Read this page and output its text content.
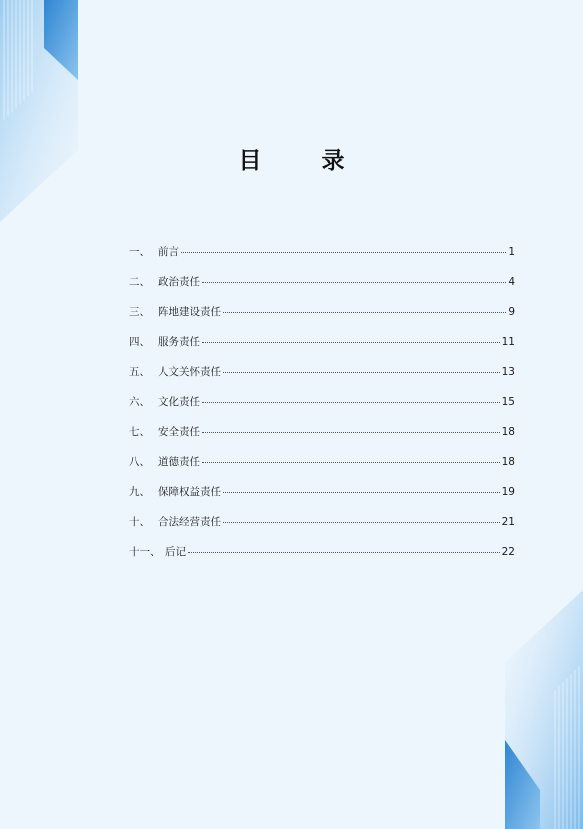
目 录
一、 前言	1
二、 政治责任	4
三、 阵地建设责任	9
四、 服务责任	11
五、 人文关怀责任	13
六、 文化责任	15
七、 安全责任	18
八、 道德责任	18
九、 保障权益责任	19
十、 合法经营责任	21
十一、 后记	22
